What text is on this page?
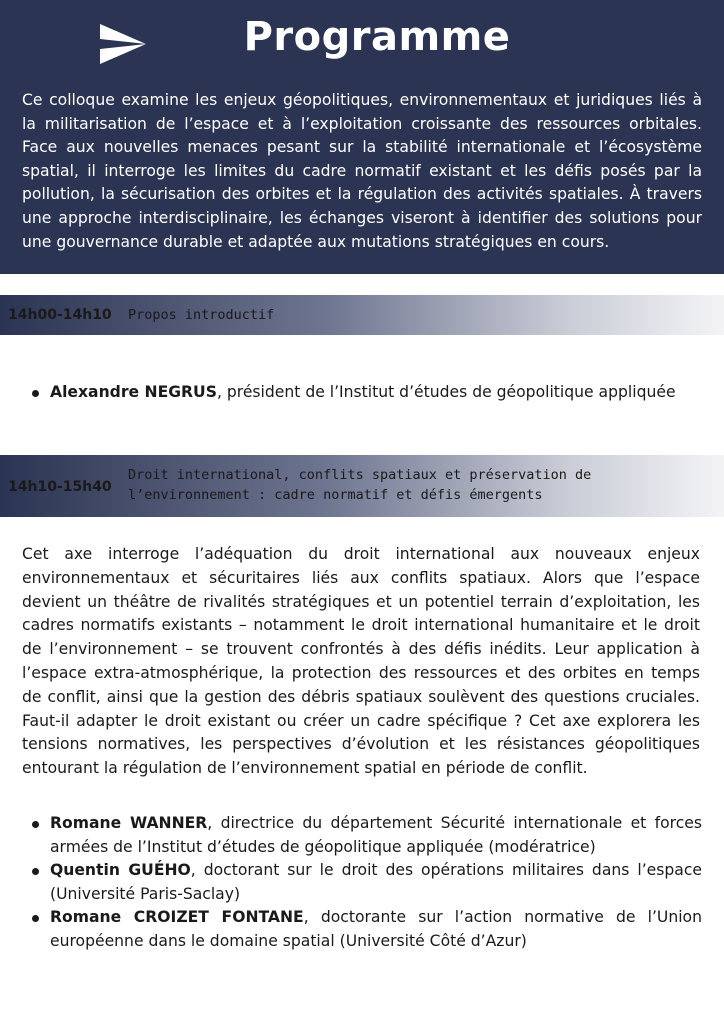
Programme

Ce colloque examine les enjeux géopolitiques, environnementaux et juridiques liés à la militarisation de l’espace et à l’exploitation croissante des ressources orbitales. Face aux nouvelles menaces pesant sur la stabilité internationale et l’écosystème spatial, il interroge les limites du cadre normatif existant et les défis posés par la pollution, la sécurisation des orbites et la régulation des activités spatiales. À travers une approche interdisciplinaire, les échanges viseront à identifier des solutions pour une gouvernance durable et adaptée aux mutations stratégiques en cours.

14h00-14h10 Propos introductif
Alexandre NEGRUS, président de l’Institut d’études de géopolitique appliquée
14h10-15h40
Droit international, conflits spatiaux et préservation de l’environnement : cadre normatif et défis émergents

Cet axe interroge l’adéquation du droit international aux nouveaux enjeux environnementaux et sécuritaires liés aux conflits spatiaux. Alors que l’espace devient un théâtre de rivalités stratégiques et un potentiel terrain d’exploitation, les cadres normatifs existants – notamment le droit international humanitaire et le droit de l’environnement – se trouvent confrontés à des défis inédits. Leur application à l’espace extra-atmosphérique, la protection des ressources et des orbites en temps de conflit, ainsi que la gestion des débris spatiaux soulèvent des questions cruciales. Faut-il adapter le droit existant ou créer un cadre spécifique ? Cet axe explorera les tensions normatives, les perspectives d’évolution et les résistances géopolitiques entourant la régulation de l’environnement spatial en période de conflit.

Romane WANNER, directrice du département Sécurité internationale et forces armées de l’Institut d’études de géopolitique appliquée (modératrice)
Quentin GUÉHO, doctorant sur le droit des opérations militaires dans l’espace (Université Paris-Saclay)
Romane CROIZET FONTANE, doctorante sur l’action normative de l’Union européenne dans le domaine spatial (Université Côté d’Azur)
